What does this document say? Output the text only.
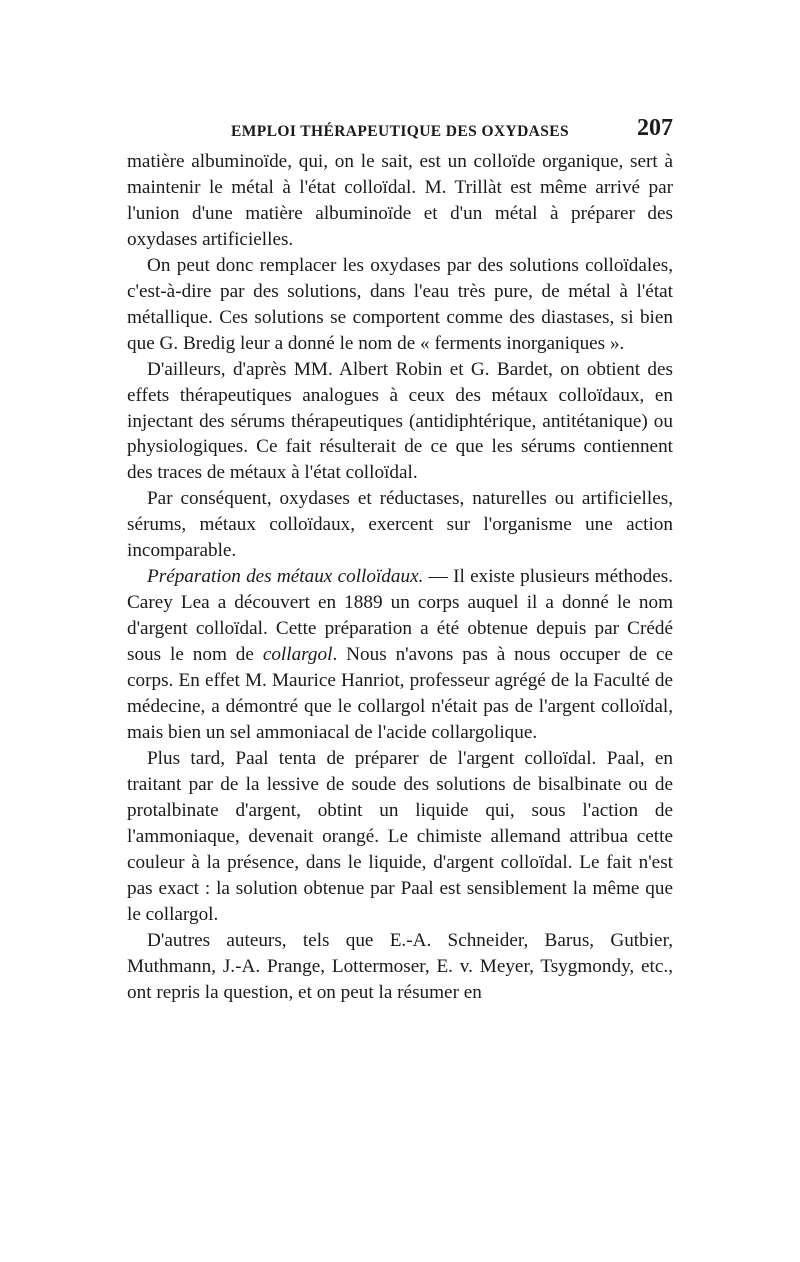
EMPLOI THÉRAPEUTIQUE DES OXYDASES	207

matière albuminoïde, qui, on le sait, est un colloïde organique, sert à maintenir le métal à l'état colloïdal. M. Trillàt est même arrivé par l'union d'une matière albuminoïde et d'un métal à préparer des oxydases artificielles.

On peut donc remplacer les oxydases par des solutions colloïdales, c'est-à-dire par des solutions, dans l'eau très pure, de métal à l'état métallique. Ces solutions se comportent comme des diastases, si bien que G. Bredig leur a donné le nom de « ferments inorganiques ».

D'ailleurs, d'après MM. Albert Robin et G. Bardet, on obtient des effets thérapeutiques analogues à ceux des métaux colloïdaux, en injectant des sérums thérapeutiques (antidiphtérique, antitétanique) ou physiologiques. Ce fait résulterait de ce que les sérums contiennent des traces de métaux à l'état colloïdal.

Par conséquent, oxydases et réductases, naturelles ou artificielles, sérums, métaux colloïdaux, exercent sur l'organisme une action incomparable.

Préparation des métaux colloïdaux. — Il existe plusieurs méthodes. Carey Lea a découvert en 1889 un corps auquel il a donné le nom d'argent colloïdal. Cette préparation a été obtenue depuis par Crédé sous le nom de collargol. Nous n'avons pas à nous occuper de ce corps. En effet M. Maurice Hanriot, professeur agrégé de la Faculté de médecine, a démontré que le collargol n'était pas de l'argent colloïdal, mais bien un sel ammoniacal de l'acide collargolique.

Plus tard, Paal tenta de préparer de l'argent colloïdal. Paal, en traitant par de la lessive de soude des solutions de bisalbinate ou de protalbinate d'argent, obtint un liquide qui, sous l'action de l'ammoniaque, devenait orangé. Le chimiste allemand attribua cette couleur à la présence, dans le liquide, d'argent colloïdal. Le fait n'est pas exact : la solution obtenue par Paal est sensiblement la même que le collargol.

D'autres auteurs, tels que E.-A. Schneider, Barus, Gutbier, Muthmann, J.-A. Prange, Lottermoser, E. v. Meyer, Tsygmondy, etc., ont repris la question, et on peut la résumer en
